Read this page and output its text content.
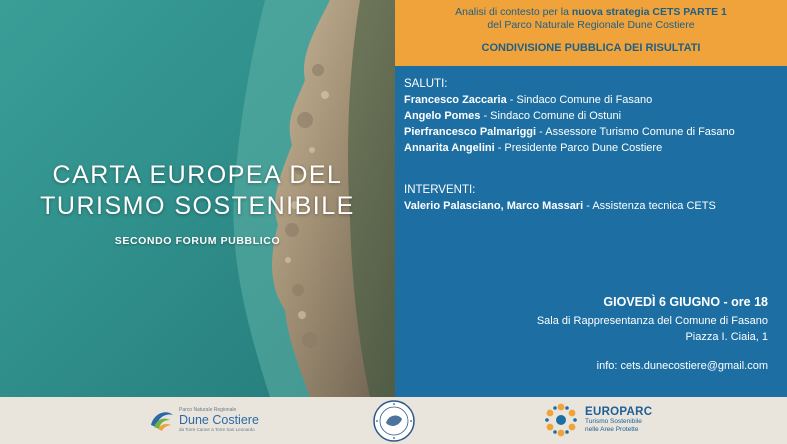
CARTA EUROPEA DEL
TURISMO SOSTENIBILE
SECONDO FORUM PUBBLICO
Analisi di contesto per la nuova strategia CETS PARTE 1
del Parco Naturale Regionale Dune Costiere
CONDIVISIONE PUBBLICA DEI RISULTATI
SALUTI:
Francesco Zaccaria - Sindaco Comune di Fasano
Angelo Pomes - Sindaco Comune di Ostuni
Pierfrancesco Palmariggi - Assessore Turismo Comune di Fasano
Annarita Angelini - Presidente Parco Dune Costiere
INTERVENTI:
Valerio Palasciano, Marco Massari - Assistenza tecnica CETS
GIOVEDÌ 6 GIUGNO - ore 18
Sala di Rappresentanza del Comune di Fasano
Piazza I. Ciaia, 1
info: cets.dunecostiere@gmail.com
Parco Naturale Regionale
Dune Costiere
da Torre Canne a Torre San Leonardo
EUROPARC
Turismo Sostenibile
nelle Aree Protette
